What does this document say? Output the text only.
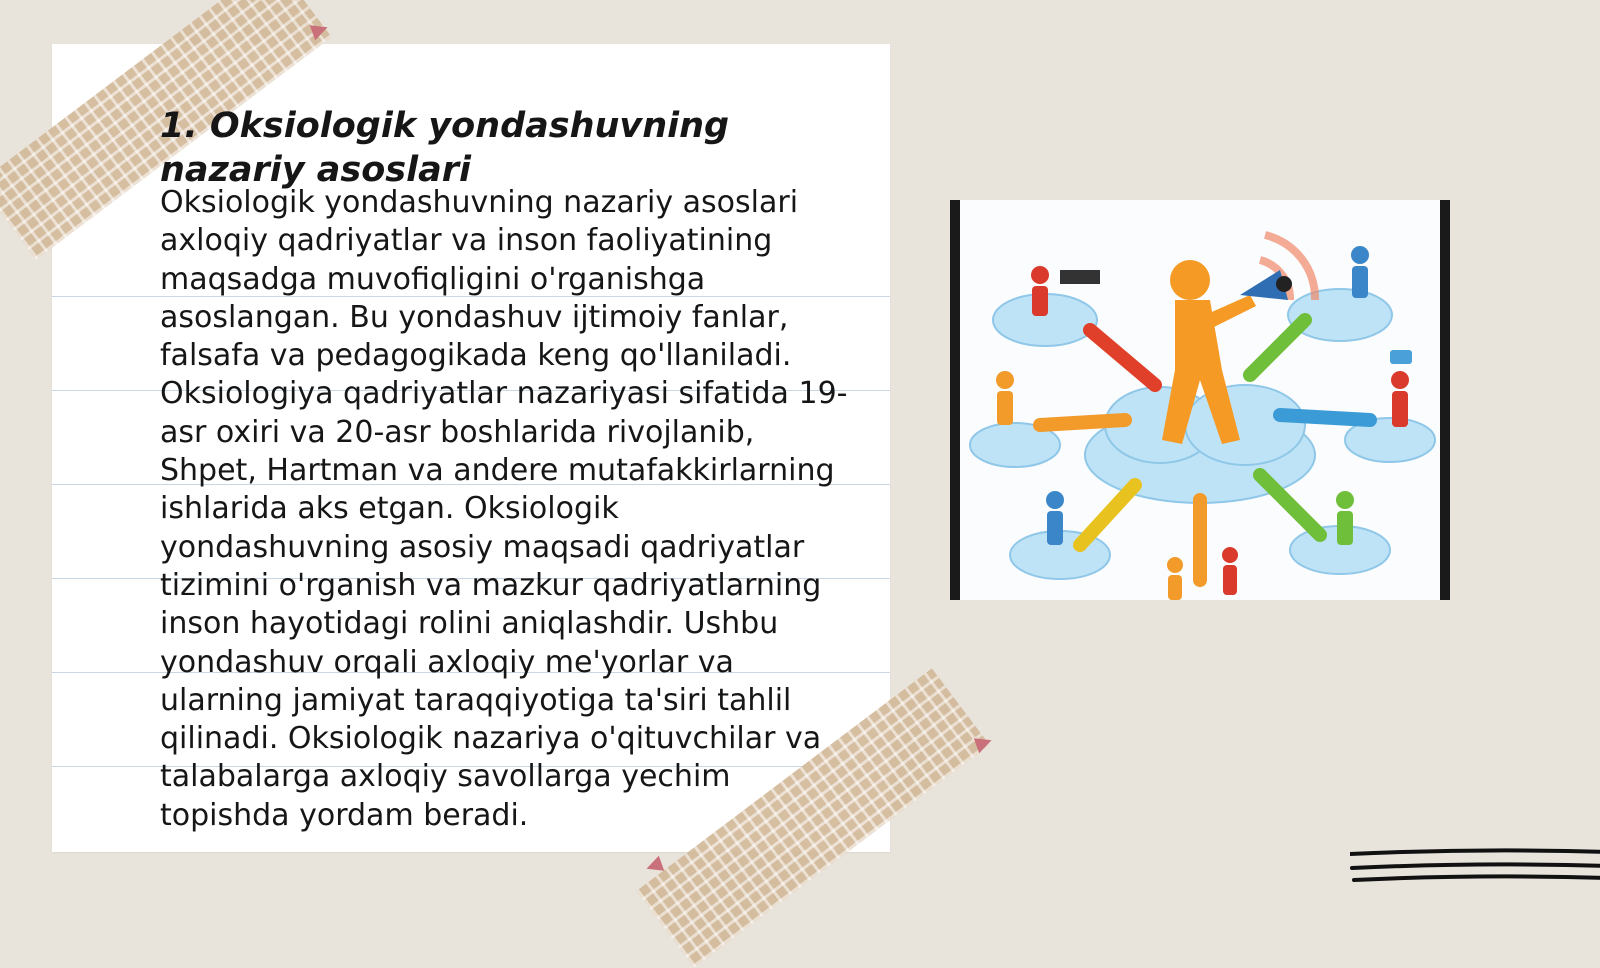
1. Oksiologik yondashuvning nazariy asoslari

Oksiologik yondashuvning nazariy asoslari axloqiy qadriyatlar va inson faoliyatining maqsadga muvofiqligini o'rganishga asoslangan. Bu yondashuv ijtimoiy fanlar, falsafa va pedagogikada keng qo'llaniladi. Oksiologiya qadriyatlar nazariyasi sifatida 19-asr oxiri va 20-asr boshlarida rivojlanib, Shpet, Hartman va andere mutafakkirlarning ishlarida aks etgan. Oksiologik yondashuvning asosiy maqsadi qadriyatlar tizimini o'rganish va mazkur qadriyatlarning inson hayotidagi rolini aniqlashdir. Ushbu yondashuv orqali axloqiy me'yorlar va ularning jamiyat taraqqiyotiga ta'siri tahlil qilinadi. Oksiologik nazariya o'qituvchilar va talabalarga axloqiy savollarga yechim topishda yordam beradi.
